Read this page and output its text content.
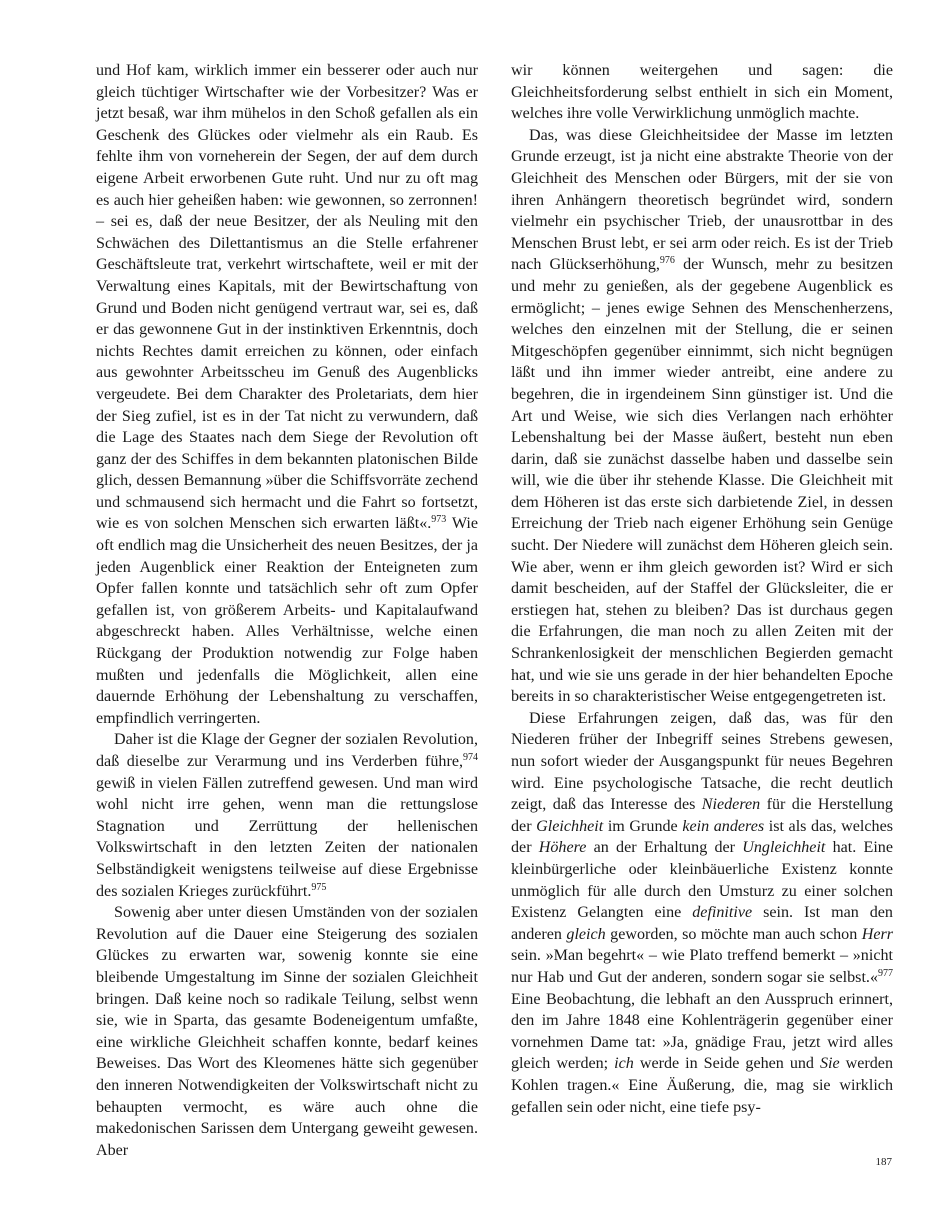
und Hof kam, wirklich immer ein besserer oder auch nur gleich tüchtiger Wirtschafter wie der Vorbesitzer? Was er jetzt besaß, war ihm mühelos in den Schoß gefallen als ein Geschenk des Glückes oder vielmehr als ein Raub. Es fehlte ihm von vorneherein der Segen, der auf dem durch eigene Arbeit erworbenen Gute ruht. Und nur zu oft mag es auch hier geheißen haben: wie gewonnen, so zerronnen! – sei es, daß der neue Besitzer, der als Neuling mit den Schwächen des Dilettantismus an die Stelle erfahrener Geschäftsleute trat, verkehrt wirtschaftete, weil er mit der Verwaltung eines Kapitals, mit der Bewirtschaftung von Grund und Boden nicht genügend vertraut war, sei es, daß er das gewonnene Gut in der instinktiven Erkenntnis, doch nichts Rechtes damit erreichen zu können, oder einfach aus gewohnter Arbeitsscheu im Genuß des Augenblicks vergeudete. Bei dem Charakter des Proletariats, dem hier der Sieg zufiel, ist es in der Tat nicht zu verwundern, daß die Lage des Staates nach dem Siege der Revolution oft ganz der des Schiffes in dem bekannten platonischen Bilde glich, dessen Bemannung »über die Schiffsvorräte zechend und schmausend sich hermacht und die Fahrt so fortsetzt, wie es von solchen Menschen sich erwarten läßt«.$^{973}$ Wie oft endlich mag die Unsicherheit des neuen Besitzes, der ja jeden Augenblick einer Reaktion der Enteigneten zum Opfer fallen konnte und tatsächlich sehr oft zum Opfer gefallen ist, von größerem Arbeits- und Kapitalaufwand abgeschreckt haben. Alles Verhältnisse, welche einen Rückgang der Produktion notwendig zur Folge haben mußten und jedenfalls die Möglichkeit, allen eine dauernde Erhöhung der Lebenshaltung zu verschaffen, empfindlich verringerten.

Daher ist die Klage der Gegner der sozialen Revolution, daß dieselbe zur Verarmung und ins Verderben führe,$^{974}$ gewiß in vielen Fällen zutreffend gewesen. Und man wird wohl nicht irre gehen, wenn man die rettungslose Stagnation und Zerrüttung der hellenischen Volkswirtschaft in den letzten Zeiten der nationalen Selbständigkeit wenigstens teilweise auf diese Ergebnisse des sozialen Krieges zurückführt.$^{975}$

Sowenig aber unter diesen Umständen von der sozialen Revolution auf die Dauer eine Steigerung des sozialen Glückes zu erwarten war, sowenig konnte sie eine bleibende Umgestaltung im Sinne der sozialen Gleichheit bringen. Daß keine noch so radikale Teilung, selbst wenn sie, wie in Sparta, das gesamte Bodeneigentum umfaßte, eine wirkliche Gleichheit schaffen konnte, bedarf keines Beweises. Das Wort des Kleomenes hätte sich gegenüber den inneren Notwendigkeiten der Volkswirtschaft nicht zu behaupten vermocht, es wäre auch ohne die makedonischen Sarissen dem Untergang geweiht gewesen. Aber

wir können weitergehen und sagen: die Gleichheitsforderung selbst enthielt in sich ein Moment, welches ihre volle Verwirklichung unmöglich machte.

Das, was diese Gleichheitsidee der Masse im letzten Grunde erzeugt, ist ja nicht eine abstrakte Theorie von der Gleichheit des Menschen oder Bürgers, mit der sie von ihren Anhängern theoretisch begründet wird, sondern vielmehr ein psychischer Trieb, der unausrottbar in des Menschen Brust lebt, er sei arm oder reich. Es ist der Trieb nach Glückserhöhung,$^{976}$ der Wunsch, mehr zu besitzen und mehr zu genießen, als der gegebene Augenblick es ermöglicht; – jenes ewige Sehnen des Menschenherzens, welches den einzelnen mit der Stellung, die er seinen Mitgeschöpfen gegenüber einnimmt, sich nicht begnügen läßt und ihn immer wieder antreibt, eine andere zu begehren, die in irgendeinem Sinn günstiger ist. Und die Art und Weise, wie sich dies Verlangen nach erhöhter Lebenshaltung bei der Masse äußert, besteht nun eben darin, daß sie zunächst dasselbe haben und dasselbe sein will, wie die über ihr stehende Klasse. Die Gleichheit mit dem Höheren ist das erste sich darbietende Ziel, in dessen Erreichung der Trieb nach eigener Erhöhung sein Genüge sucht. Der Niedere will zunächst dem Höheren gleich sein. Wie aber, wenn er ihm gleich geworden ist? Wird er sich damit bescheiden, auf der Staffel der Glücksleiter, die er erstiegen hat, stehen zu bleiben? Das ist durchaus gegen die Erfahrungen, die man noch zu allen Zeiten mit der Schrankenlosigkeit der menschlichen Begierden gemacht hat, und wie sie uns gerade in der hier behandelten Epoche bereits in so charakteristischer Weise entgegengetreten ist.

Diese Erfahrungen zeigen, daß das, was für den Niederen früher der Inbegriff seines Strebens gewesen, nun sofort wieder der Ausgangspunkt für neues Begehren wird. Eine psychologische Tatsache, die recht deutlich zeigt, daß das Interesse des Niederen für die Herstellung der Gleichheit im Grunde kein anderes ist als das, welches der Höhere an der Erhaltung der Ungleichheit hat. Eine kleinbürgerliche oder kleinbäuerliche Existenz konnte unmöglich für alle durch den Umsturz zu einer solchen Existenz Gelangten eine definitive sein. Ist man den anderen gleich geworden, so möchte man auch schon Herr sein. »Man begehrt« – wie Plato treffend bemerkt – »nicht nur Hab und Gut der anderen, sondern sogar sie selbst.«$^{977}$ Eine Beobachtung, die lebhaft an den Ausspruch erinnert, den im Jahre 1848 eine Kohlenträgerin gegenüber einer vornehmen Dame tat: »Ja, gnädige Frau, jetzt wird alles gleich werden; ich werde in Seide gehen und Sie werden Kohlen tragen.« Eine Äußerung, die, mag sie wirklich gefallen sein oder nicht, eine tiefe psy-

187
